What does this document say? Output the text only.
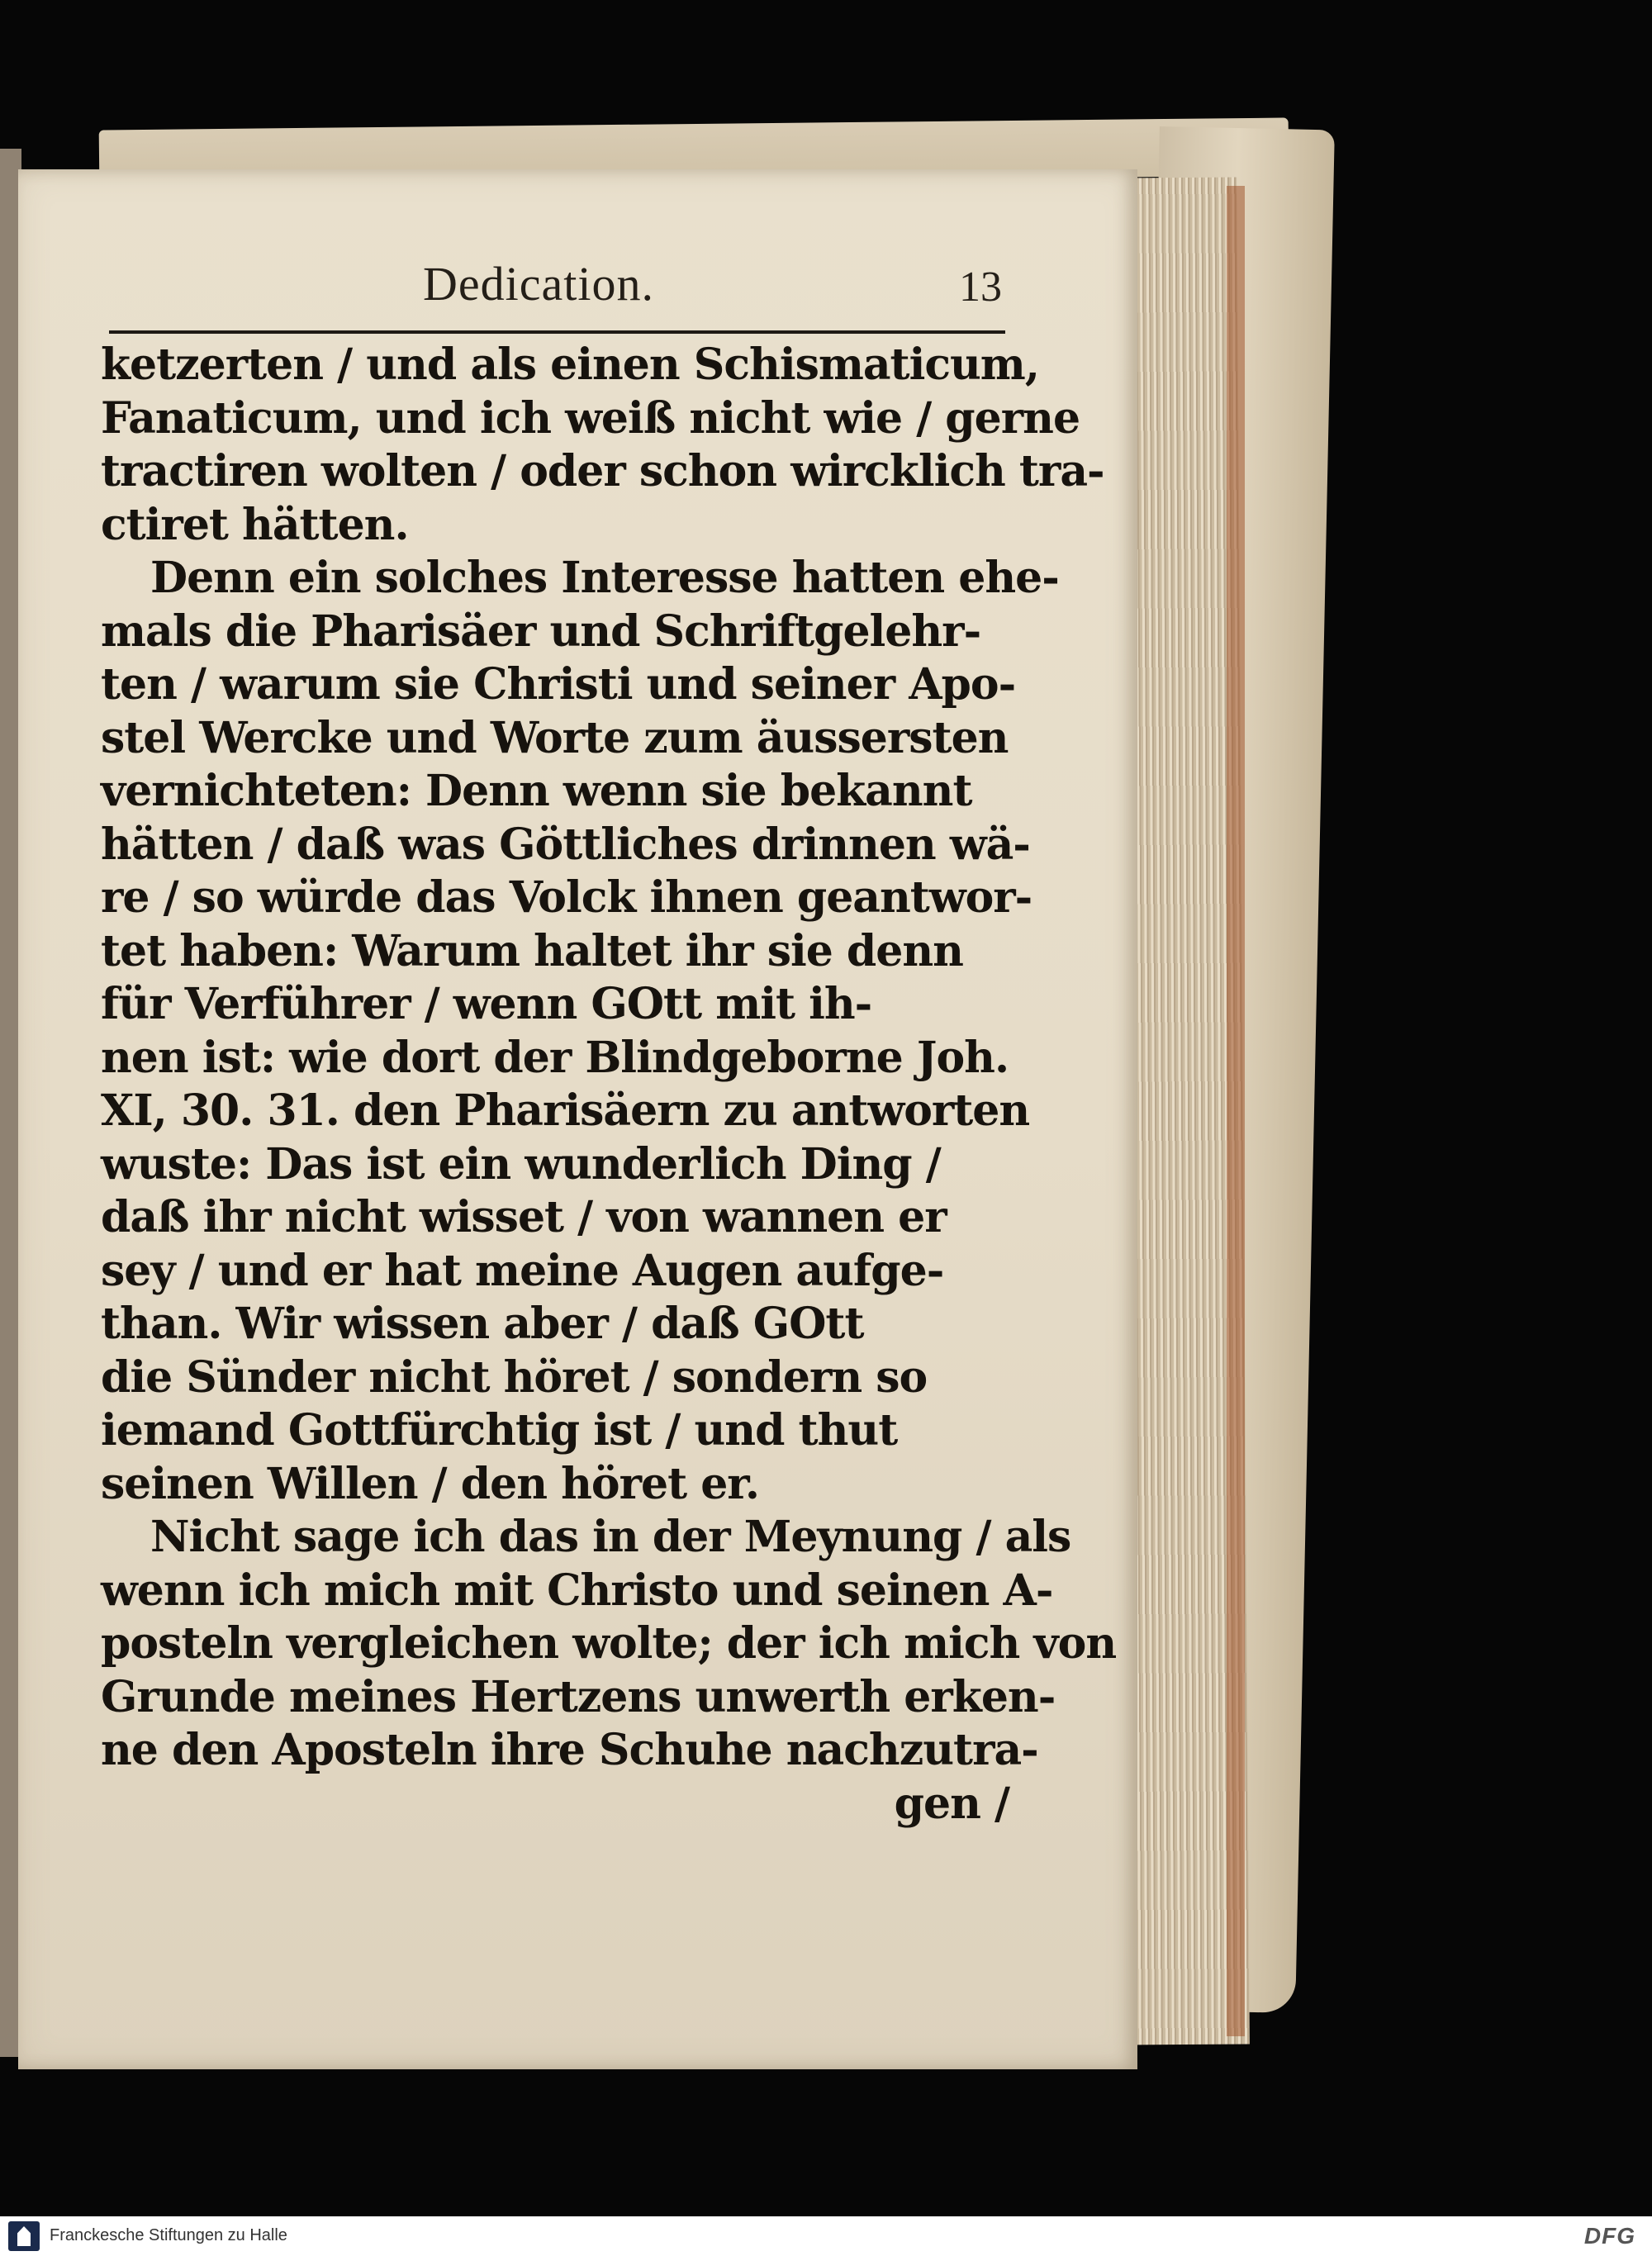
Dedication.	13
ketzerten / und als einen Schismaticum,
Fanaticum, und ich weiß nicht wie / gerne
tractiren wolten / oder schon wircklich tra-
ctiret hätten.
Denn ein solches Interesse hatten ehe-
mals die Pharisäer und Schriftgelehr-
ten / warum sie Christi und seiner Apo-
stel Wercke und Worte zum äussersten
vernichteten: Denn wenn sie bekannt
hätten / daß was Göttliches drinnen wä-
re / so würde das Volck ihnen geantwor-
tet haben: Warum haltet ihr sie denn
für Verführer / wenn GOtt mit ih-
nen ist: wie dort der Blindgeborne Joh.
XI, 30. 31. den Pharisäern zu antworten
wuste: Das ist ein wunderlich Ding /
daß ihr nicht wisset / von wannen er
sey / und er hat meine Augen aufge-
than. Wir wissen aber / daß GOtt
die Sünder nicht höret / sondern so
iemand Gottfürchtig ist / und thut
seinen Willen / den höret er.
Nicht sage ich das in der Meynung / als
wenn ich mich mit Christo und seinen A-
posteln vergleichen wolte; der ich mich von
Grunde meines Hertzens unwerth erken-
ne den Aposteln ihre Schuhe nachzutra-
gen /
Franckesche Stiftungen zu Halle	DFG
